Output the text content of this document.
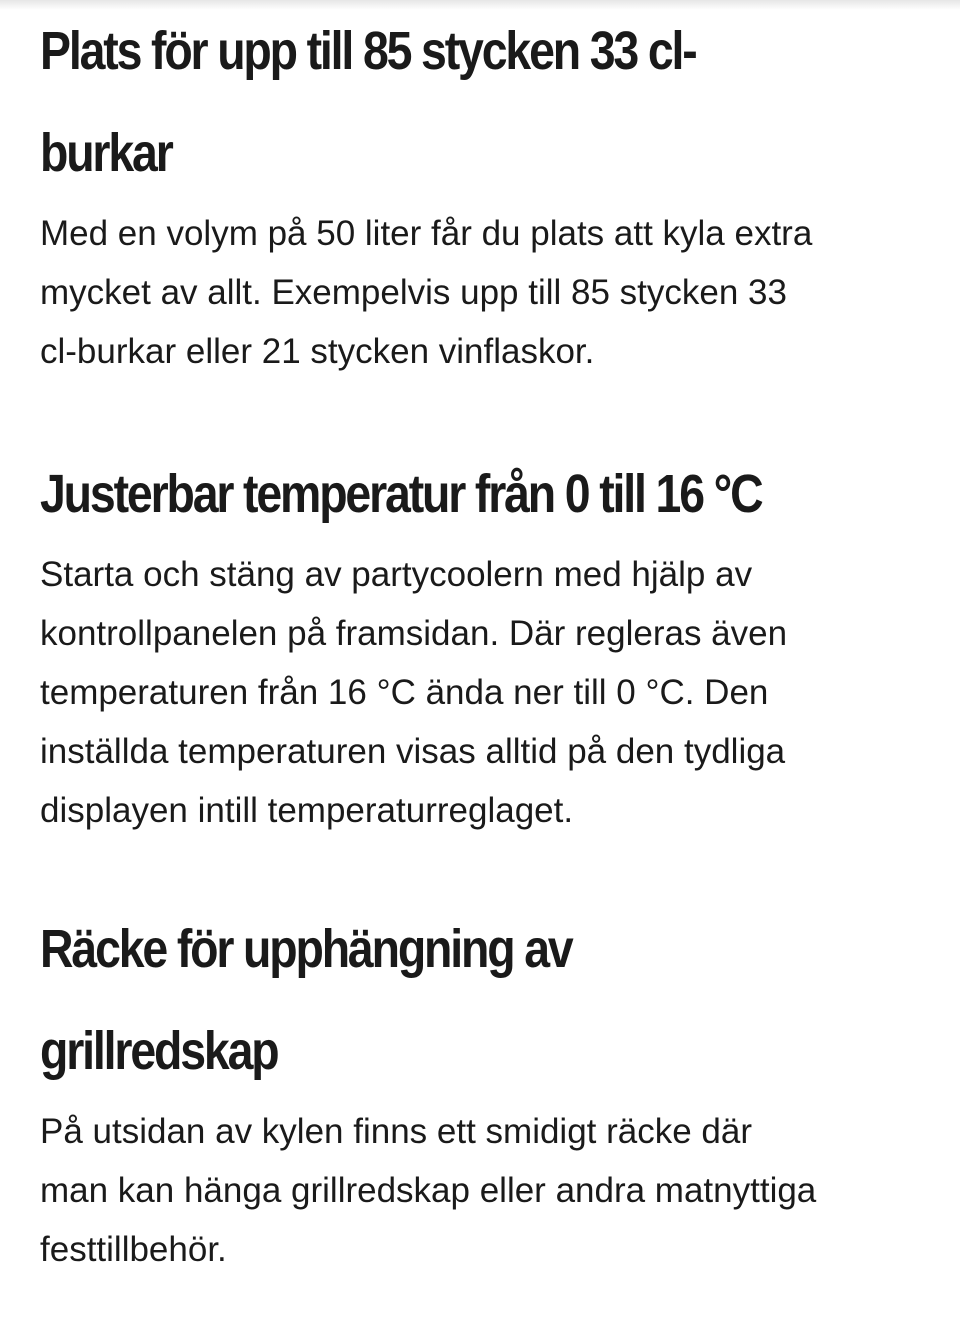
Plats för upp till 85 stycken 33 cl-
burkar

Med en volym på 50 liter får du plats att kyla extra
mycket av allt. Exempelvis upp till 85 stycken 33
cl-burkar eller 21 stycken vinflaskor.

Justerbar temperatur från 0 till 16 °C

Starta och stäng av partycoolern med hjälp av
kontrollpanelen på framsidan. Där regleras även
temperaturen från 16 °C ända ner till 0 °C. Den
inställda temperaturen visas alltid på den tydliga
displayen intill temperaturreglaget.

Räcke för upphängning av
grillredskap

På utsidan av kylen finns ett smidigt räcke där
man kan hänga grillredskap eller andra matnyttiga
festtillbehör.
